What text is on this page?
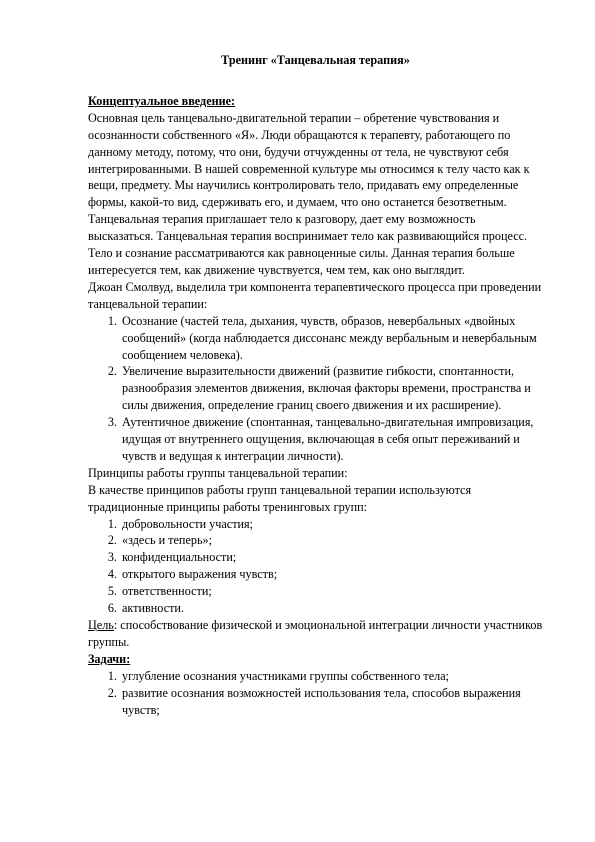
Тренинг «Танцевальная терапия»

Концептуальное введение:

Основная цель танцевально-двигательной терапии – обретение чувствования и осознанности собственного «Я». Люди обращаются к терапевту, работающего по данному методу, потому, что они, будучи отчужденны от тела, не чувствуют себя интегрированными. В нашей современной культуре мы относимся к телу часто как к вещи, предмету. Мы научились контролировать тело, придавать ему определенные формы, какой-то вид, сдерживать его, и думаем, что оно останется безответным. Танцевальная терапия приглашает тело к разговору, дает ему возможность высказаться. Танцевальная терапия воспринимает тело как развивающийся процесс. Тело и сознание рассматриваются как равноценные силы. Данная терапия больше интересуется тем, как движение чувствуется, чем тем, как оно выглядит.

Джоан Смолвуд, выделила три компонента терапевтического процесса при проведении танцевальной терапии:

1. Осознание (частей тела, дыхания, чувств, образов, невербальных «двойных сообщений» (когда наблюдается диссонанс между вербальным и невербальным сообщением человека).
2. Увеличение выразительности движений (развитие гибкости, спонтанности, разнообразия элементов движения, включая факторы времени, пространства и силы движения, определение границ своего движения и их расширение).
3. Аутентичное движение (спонтанная, танцевально-двигательная импровизация, идущая от внутреннего ощущения, включающая в себя опыт переживаний и чувств и ведущая к интеграции личности).

Принципы работы группы танцевальной терапии:

В качестве принципов работы групп танцевальной терапии используются традиционные принципы работы тренинговых групп:

1. добровольности участия;
2. «здесь и теперь»;
3. конфиденциальности;
4. открытого выражения чувств;
5. ответственности;
6. активности.

Цель: способствование физической и эмоциональной интеграции личности участников группы.

Задачи:

1. углубление осознания участниками группы собственного тела;
2. развитие осознания возможностей использования тела, способов выражения чувств;
